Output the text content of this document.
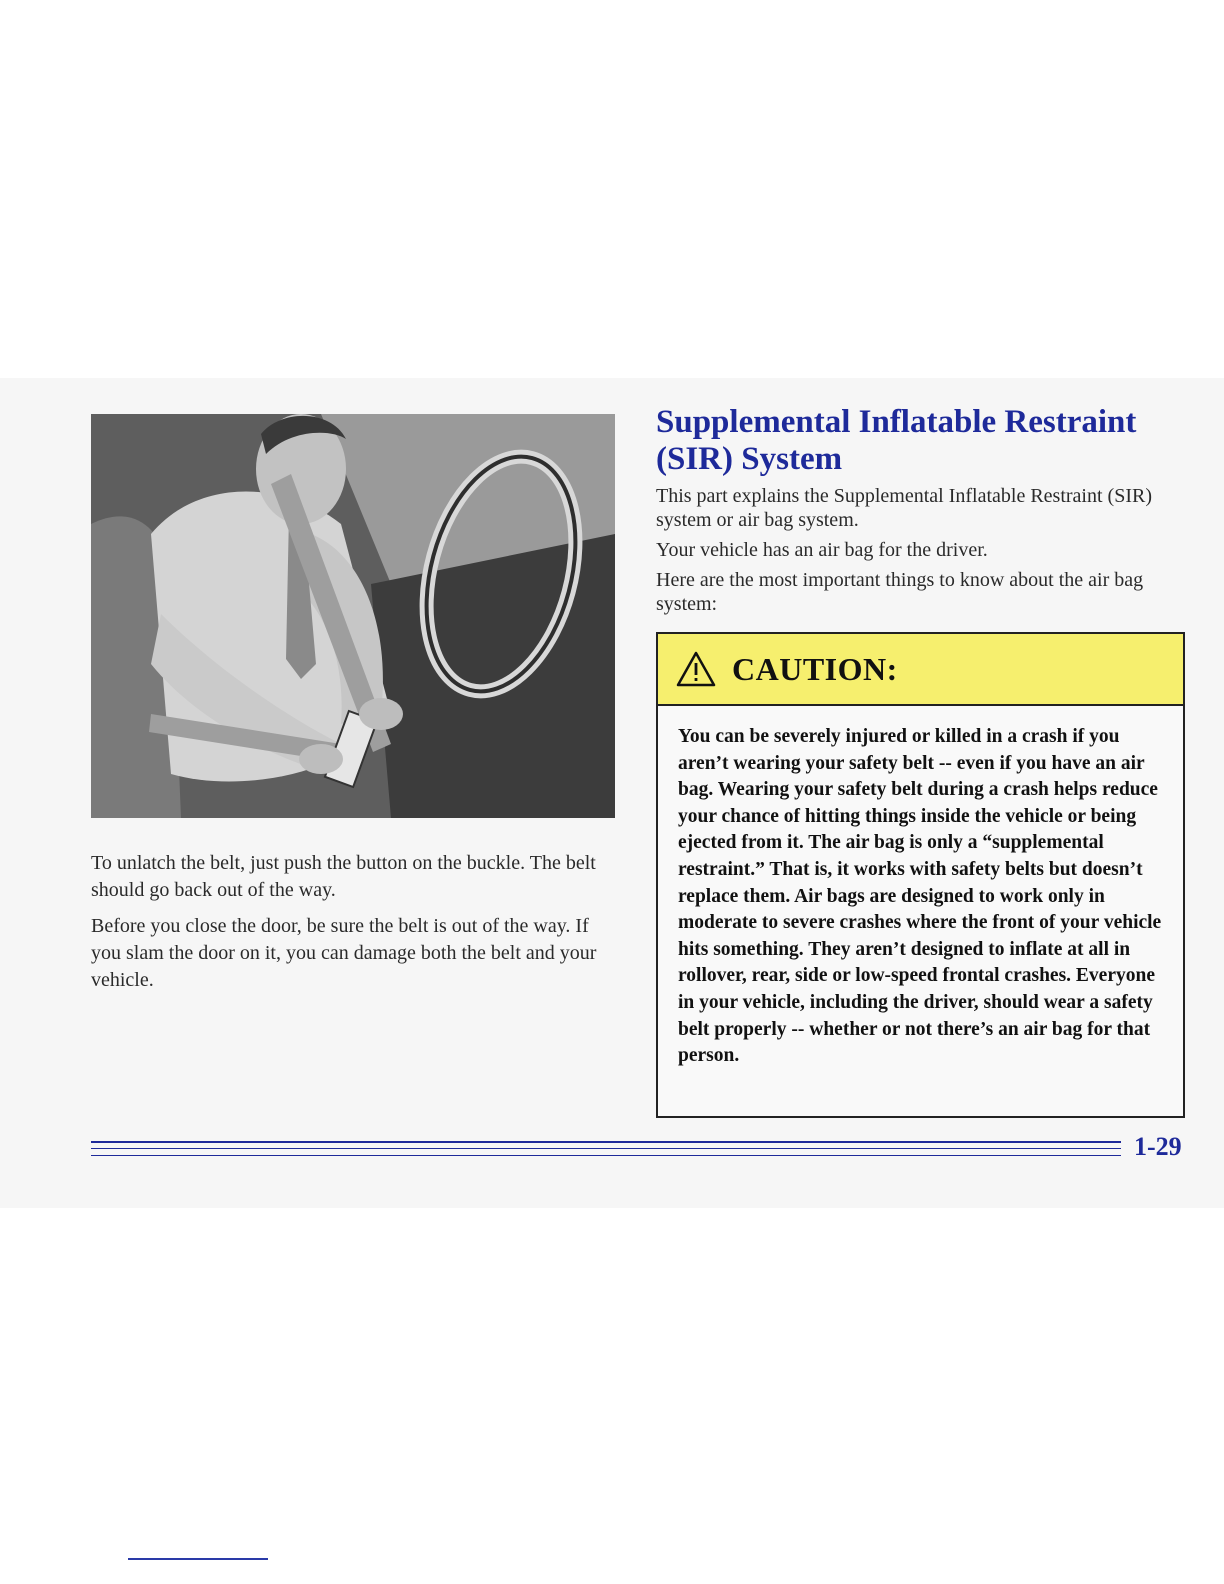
To unlatch the belt, just push the button on the buckle. The belt should go back out of the way.

Before you close the door, be sure the belt is out of the way. If you slam the door on it, you can damage both the belt and your vehicle.

Supplemental Inflatable Restraint (SIR) System

This part explains the Supplemental Inflatable Restraint (SIR) system or air bag system.

Your vehicle has an air bag for the driver.

Here are the most important things to know about the air bag system:

CAUTION:
You can be severely injured or killed in a crash if you aren’t wearing your safety belt -- even if you have an air bag. Wearing your safety belt during a crash helps reduce your chance of hitting things inside the vehicle or being ejected from it. The air bag is only a “supplemental restraint.” That is, it works with safety belts but doesn’t replace them. Air bags are designed to work only in moderate to severe crashes where the front of your vehicle hits something. They aren’t designed to inflate at all in rollover, rear, side or low-speed frontal crashes. Everyone in your vehicle, including the driver, should wear a safety belt properly -- whether or not there’s an air bag for that person.
1-29
